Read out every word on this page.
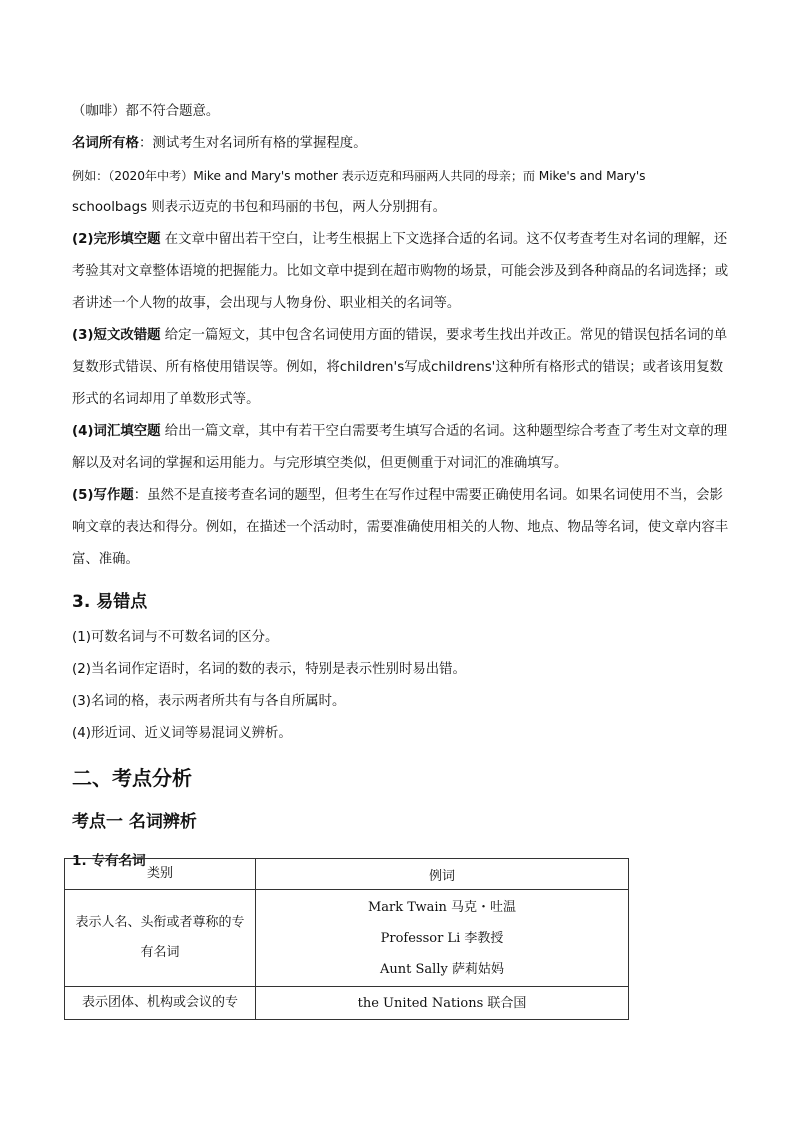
（咖啡）都不符合题意。

名词所有格：测试考生对名词所有格的掌握程度。

例如：（2020年中考）Mike and Mary's mother 表示迈克和玛丽两人共同的母亲；而 Mike's and Mary's

schoolbags 则表示迈克的书包和玛丽的书包，两人分别拥有。

(2)完形填空题 在文章中留出若干空白，让考生根据上下文选择合适的名词。这不仅考查考生对名词的理解，还考验其对文章整体语境的把握能力。比如文章中提到在超市购物的场景，可能会涉及到各种商品的名词选择；或者讲述一个人物的故事，会出现与人物身份、职业相关的名词等。

(3)短文改错题 给定一篇短文，其中包含名词使用方面的错误，要求考生找出并改正。常见的错误包括名词的单复数形式错误、所有格使用错误等。例如，将children's写成childrens'这种所有格形式的错误；或者该用复数形式的名词却用了单数形式等。

(4)词汇填空题 给出一篇文章，其中有若干空白需要考生填写合适的名词。这种题型综合考查了考生对文章的理解以及对名词的掌握和运用能力。与完形填空类似，但更侧重于对词汇的准确填写。

(5)写作题：虽然不是直接考查名词的题型，但考生在写作过程中需要正确使用名词。如果名词使用不当，会影响文章的表达和得分。例如，在描述一个活动时，需要准确使用相关的人物、地点、物品等名词，使文章内容丰富、准确。

3. 易错点

(1)可数名词与不可数名词的区分。

(2)当名词作定语时，名词的数的表示，特别是表示性别时易出错。

(3)名词的格，表示两者所共有与各自所属时。

(4)形近词、近义词等易混词义辨析。

二、考点分析
考点一 名词辨析
1. 专有名词
类别	例词
表示人名、头衔或者尊称的专有名词	Mark Twain 马克・吐温
Professor Li 李教授
Aunt Sally 萨莉姑妈

表示团体、机构或会议的专	the United Nations 联合国
